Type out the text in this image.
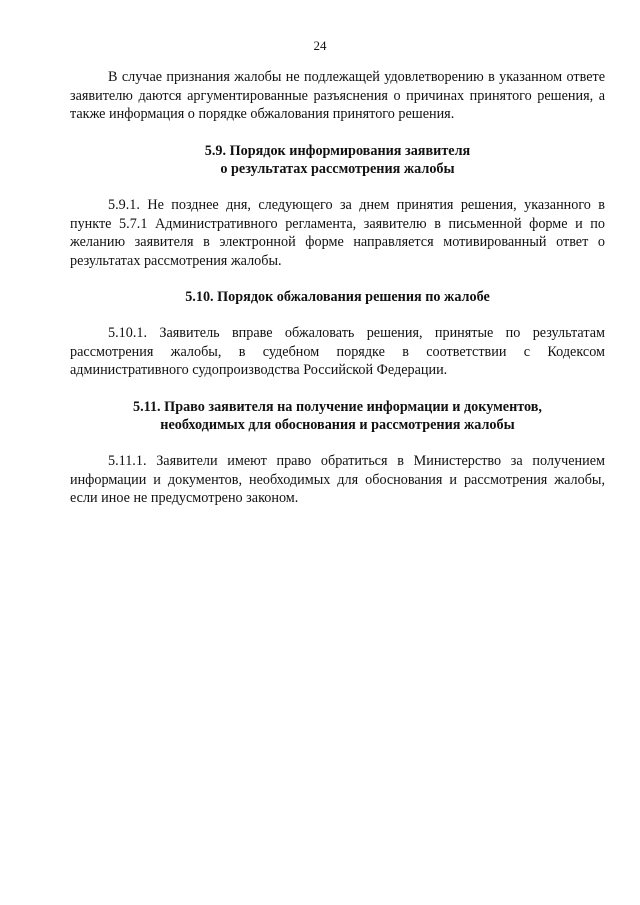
24

В случае признания жалобы не подлежащей удовлетворению в указанном ответе заявителю даются аргументированные разъяснения о причинах принятого решения, а также информация о порядке обжалования принятого решения.

5.9. Порядок информирования заявителя
о результатах рассмотрения жалобы

5.9.1. Не позднее дня, следующего за днем принятия решения, указанного в пункте 5.7.1 Административного регламента, заявителю в письменной форме и по желанию заявителя в электронной форме направляется мотивированный ответ о результатах рассмотрения жалобы.

5.10. Порядок обжалования решения по жалобе

5.10.1. Заявитель вправе обжаловать решения, принятые по результатам рассмотрения жалобы, в судебном порядке в соответствии с Кодексом административного судопроизводства Российской Федерации.

5.11. Право заявителя на получение информации и документов,
необходимых для обоснования и рассмотрения жалобы

5.11.1. Заявители имеют право обратиться в Министерство за получением информации и документов, необходимых для обоснования и рассмотрения жалобы, если иное не предусмотрено законом.
